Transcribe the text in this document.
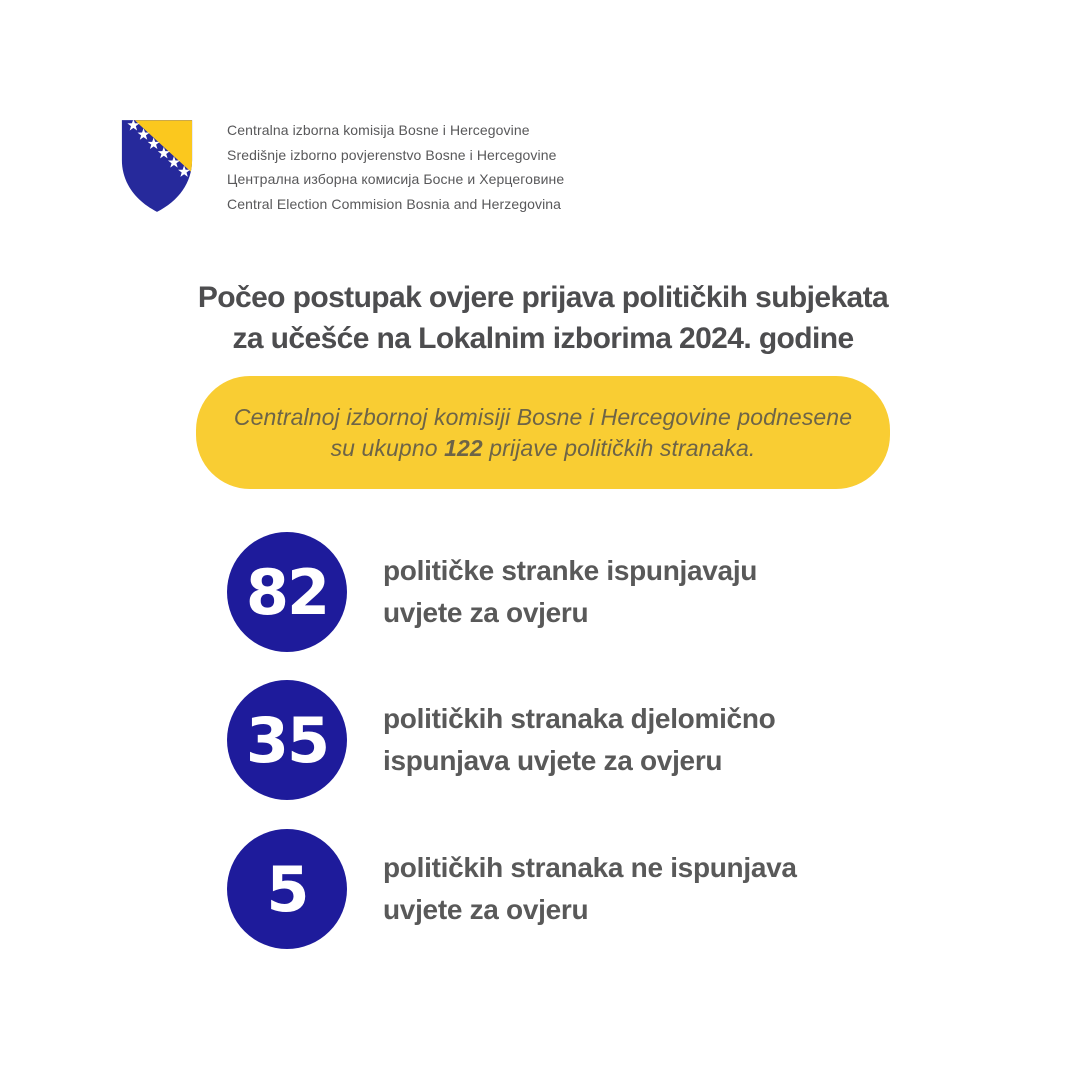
Centralna izborna komisija Bosne i Hercegovine
Središnje izborno povjerenstvo Bosne i Hercegovine
Централна изборна комисија Босне и Херцеговине
Central Election Commision Bosnia and Herzegovina
Počeo postupak ovjere prijava političkih subjekata
za učešće na Lokalnim izborima 2024. godine
Centralnoj izbornoj komisiji Bosne i Hercegovine podnesene
su ukupno 122 prijave političkih stranaka.
82	političke stranke ispunjavaju
uvjete za ovjeru
35	političkih stranaka djelomično
ispunjava uvjete za ovjeru
5	političkih stranaka ne ispunjava
uvjete za ovjeru
